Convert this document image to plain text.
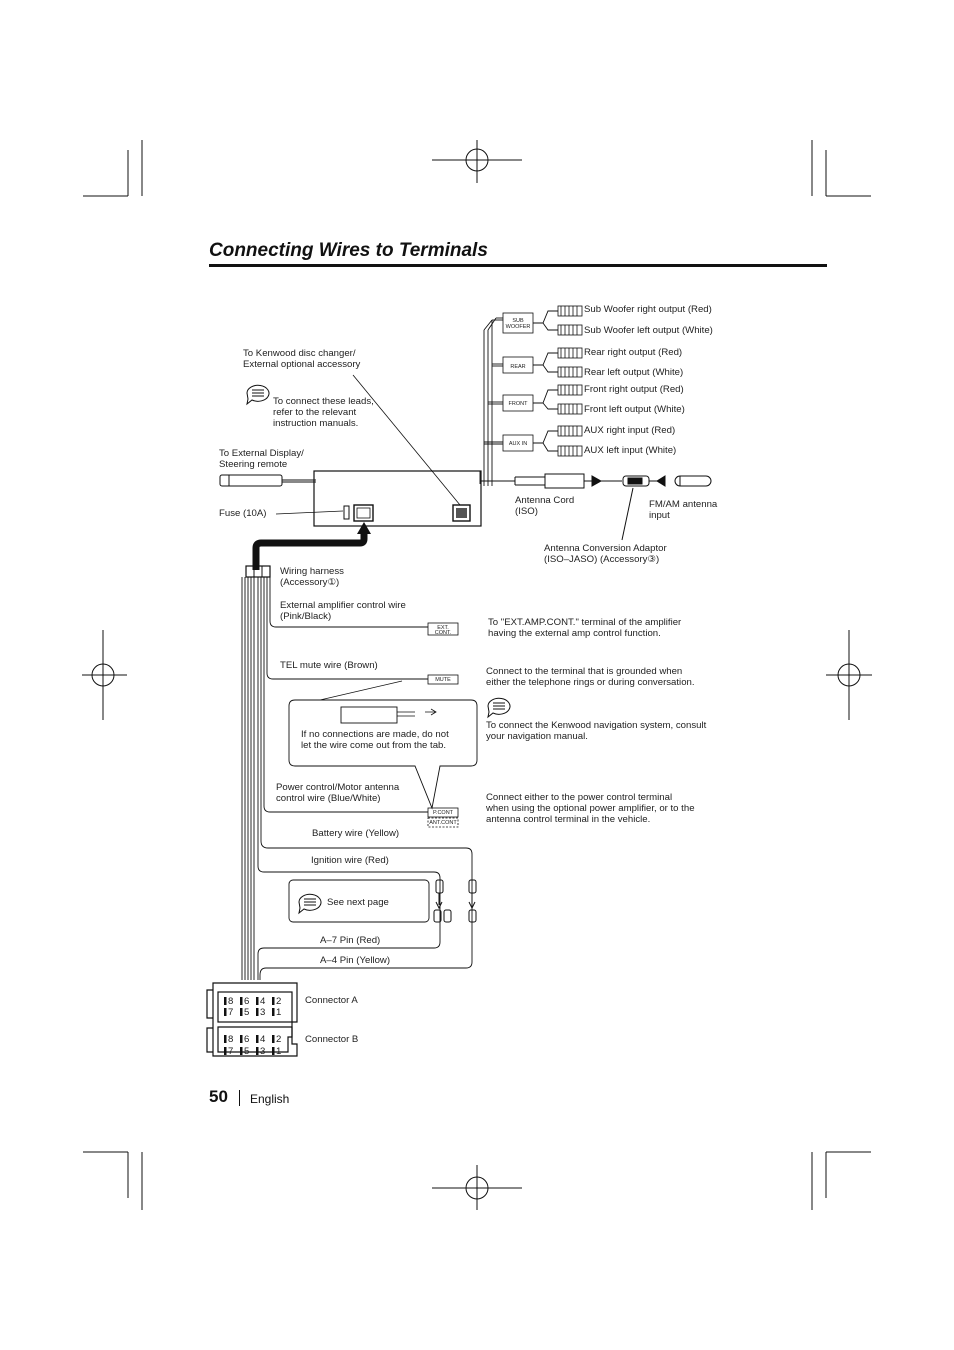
Connecting Wires to Terminals
SUB
WOOFER
REAR
FRONT
AUX IN
EXT.
CONT.
MUTE
P.CONT
ANT.CONT
Sub Woofer right output (Red)
Sub Woofer left output (White)
Rear right output (Red)
Rear left output (White)
Front right output (Red)
Front left output (White)
AUX right input (Red)
AUX left input (White)
To Kenwood disc changer/
External optional accessory
To connect these leads,
refer to the relevant
instruction manuals.
To External Display/
Steering remote
Fuse (10A)
Antenna Cord
(ISO)
FM/AM antenna
input
Antenna Conversion Adaptor
(ISO–JASO) (Accessory③)
Wiring harness
(Accessory①)
External amplifier control wire
(Pink/Black)
To "EXT.AMP.CONT." terminal of the amplifier
having the external amp control function.
TEL mute wire (Brown)
Connect to the terminal that is grounded when
either the telephone rings or during conversation.
To connect the Kenwood navigation system, consult
your navigation manual.
If no connections are made, do not
let the wire come out from the tab.
Power control/Motor antenna
control wire (Blue/White)	Connect either to the power control terminal
when using the optional power amplifier, or to the
antenna control terminal in the vehicle.
Battery wire (Yellow)
Ignition wire (Red)
See next page
A–7 Pin (Red)
A–4 Pin (Yellow)
Connector A
Connector B
8 6 4 2
7 5 3 1
8 6 4 2
7 5 3 1
50 English
